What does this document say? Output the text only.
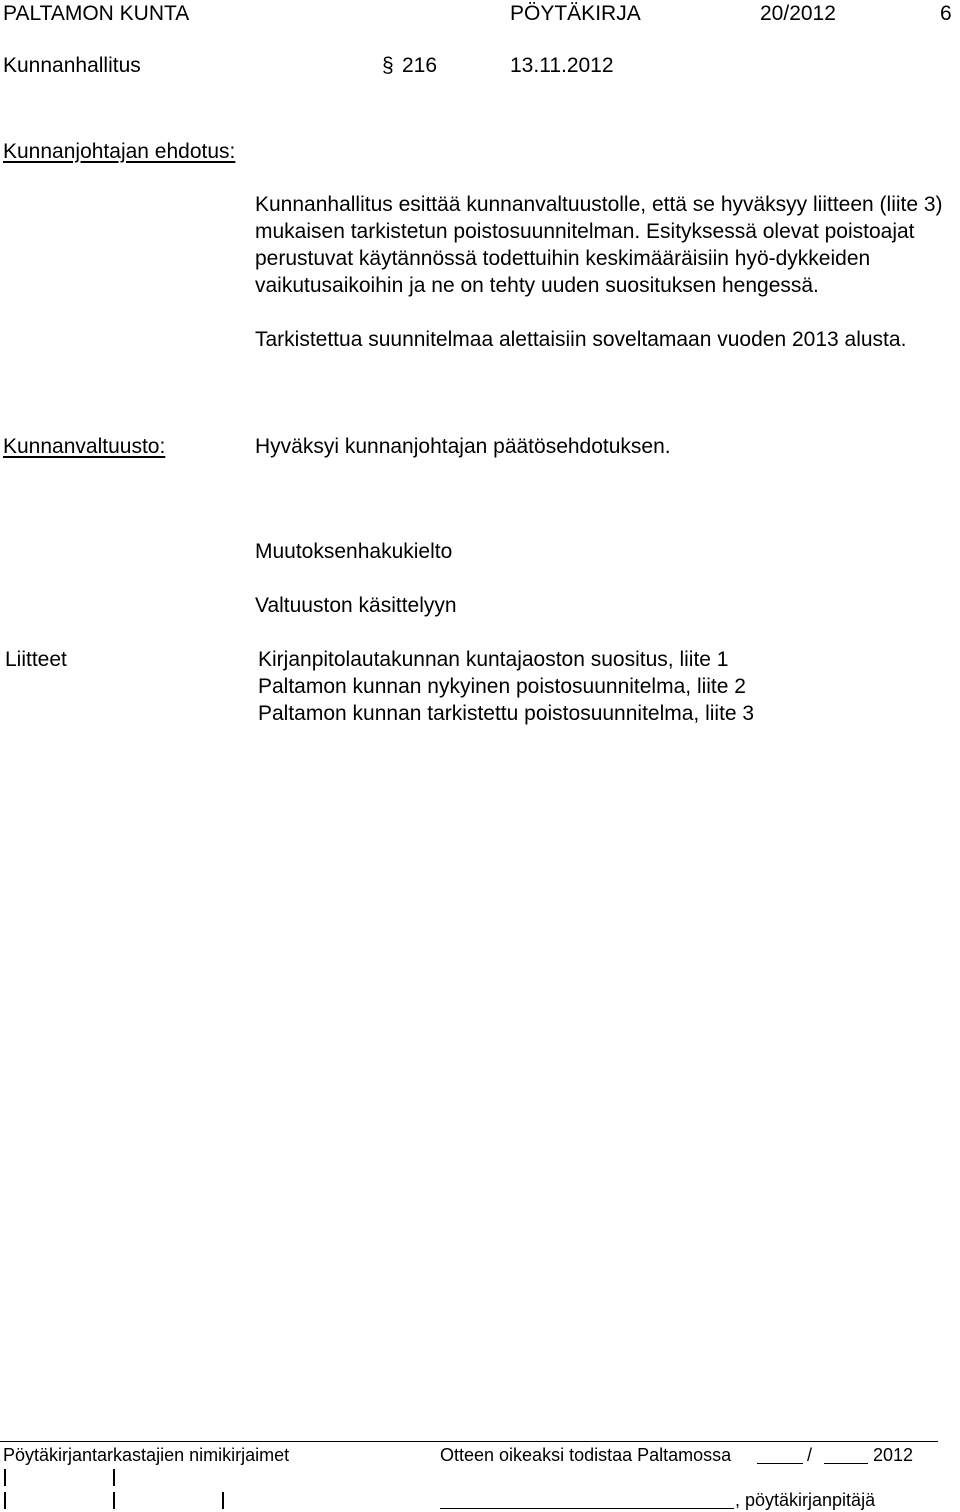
PALTAMON KUNTA	PÖYTÄKIRJA	20/2012	6
Kunnanhallitus	§ 216	13.11.2012
Kunnanjohtajan ehdotus:

Kunnanhallitus esittää kunnanvaltuustolle, että se hyväksyy liitteen (liite 3) mukaisen tarkistetun poistosuunnitelman. Esityksessä olevat poistoajat perustuvat käytännössä todettuihin keskimääräisiin hyö-dykkeiden vaikutusaikoihin ja ne on tehty uuden suosituksen hengessä.

Tarkistettua suunnitelmaa alettaisiin soveltamaan vuoden 2013 alusta.

Kunnanvaltuusto:	Hyväksyi kunnanjohtajan päätösehdotuksen.
Muutoksenhakukielto
Valtuuston käsittelyyn
Liitteet	Kirjanpitolautakunnan kuntajaoston suositus, liite 1
Paltamon kunnan nykyinen poistosuunnitelma, liite 2
Paltamon kunnan tarkistettu poistosuunnitelma, liite 3
Pöytäkirjantarkastajien nimikirjaimet	Otteen oikeaksi todistaa Paltamossa	/	2012
, pöytäkirjanpitäjä
